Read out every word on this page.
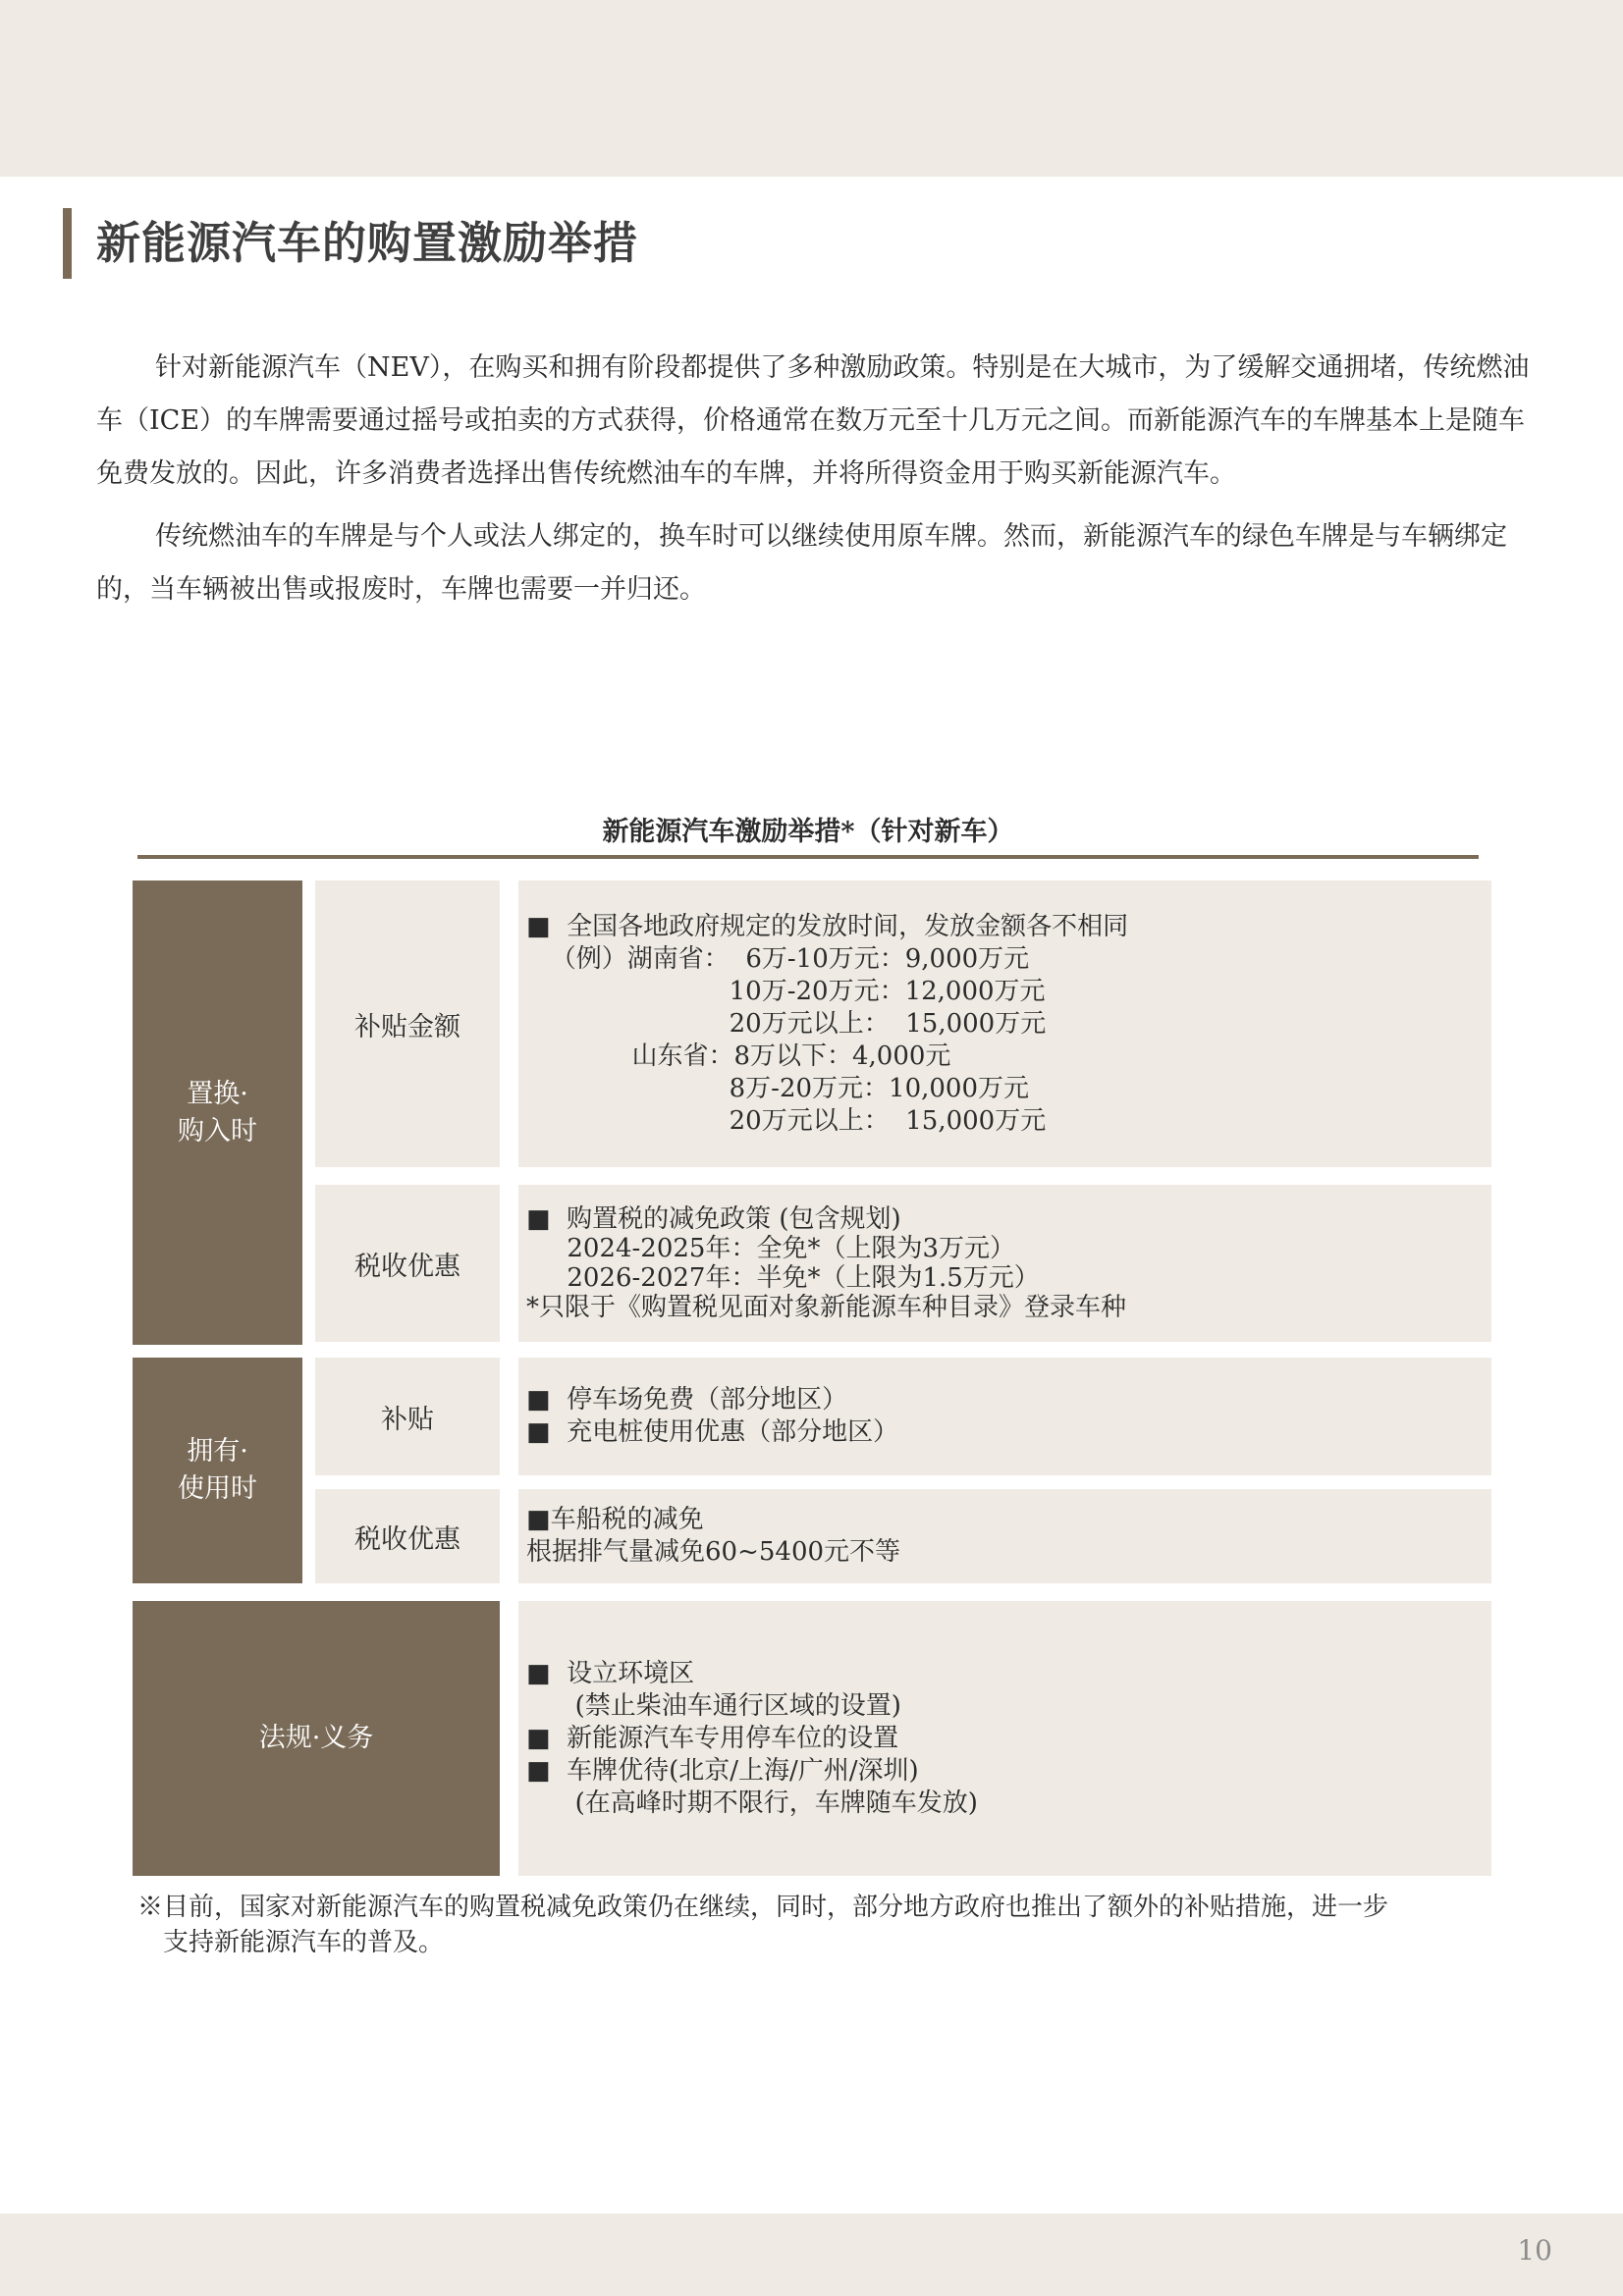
新能源汽车的购置激励举措

针对新能源汽车（NEV），在购买和拥有阶段都提供了多种激励政策。特别是在大城市，为了缓解交通拥堵，传统燃油车（ICE）的车牌需要通过摇号或拍卖的方式获得，价格通常在数万元至十几万元之间。而新能源汽车的车牌基本上是随车免费发放的。因此，许多消费者选择出售传统燃油车的车牌，并将所得资金用于购买新能源汽车。

传统燃油车的车牌是与个人或法人绑定的，换车时可以继续使用原车牌。然而，新能源汽车的绿色车牌是与车辆绑定的，当车辆被出售或报废时，车牌也需要一并归还。

新能源汽车激励举措*（针对新车）
置换·
购入时
补贴金额
■  全国各地政府规定的发放时间，发放金额各不相同
（例）湖南省：  6万-10万元：9,000万元
10万-20万元：12,000万元
20万元以上：  15,000万元
山东省：8万以下：4,000元
8万-20万元：10,000万元
20万元以上：  15,000万元
税收优惠
■  购置税的减免政策 (包含规划)
2024-2025年：全免*（上限为3万元）
2026-2027年：半免*（上限为1.5万元）
*只限于《购置税见面对象新能源车种目录》登录车种
拥有·
使用时
补贴
■  停车场免费（部分地区）
■  充电桩使用优惠（部分地区）
税收优惠
■车船税的减免
根据排气量减免60~5400元不等
法规·义务
■  设立环境区
(禁止柴油车通行区域的设置)
■  新能源汽车专用停车位的设置
■  车牌优待(北京/上海/广州/深圳)
(在高峰时期不限行，车牌随车发放)
※目前，国家对新能源汽车的购置税减免政策仍在继续，同时，部分地方政府也推出了额外的补贴措施，进一步
支持新能源汽车的普及。
10
